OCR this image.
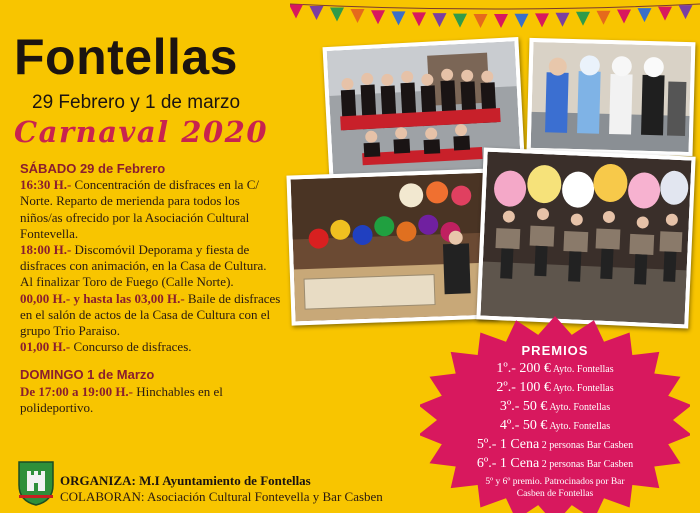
Fontellas
29 Febrero y 1 de marzo
Carnaval 2020
SÁBADO 29 de Febrero

16:30 H.- Concentración de disfraces en la C/ Norte. Reparto de merienda para todos los niños/as ofrecido por la Asociación Cultural Fontevella.

18:00 H.- Discomóvil Deporama y fiesta de disfraces con animación, en la Casa de Cultura. Al finalizar Toro de Fuego (Calle Norte).

00,00 H.- y hasta las 03,00 H.- Baile de disfraces en el salón de actos de la Casa de Cultura con el grupo Trio Paraiso.

01,00 H.- Concurso de disfraces.

DOMINGO 1 de Marzo

De 17:00 a 19:00 H.- Hinchables en el polideportivo.

PREMIOS
1º.- 200 € Ayto. Fontellas
2º.- 100 € Ayto. Fontellas
3º.- 50 € Ayto. Fontellas
4º.- 50 € Ayto. Fontellas
5º.- 1 Cena 2 personas Bar Casben
6º.- 1 Cena 2 personas Bar Casben
5º y 6º premio. Patrocinados por Bar
Casben de Fontellas
ORGANIZA: M.I Ayuntamiento de Fontellas
COLABORAN: Asociación Cultural Fontevella y Bar Casben
